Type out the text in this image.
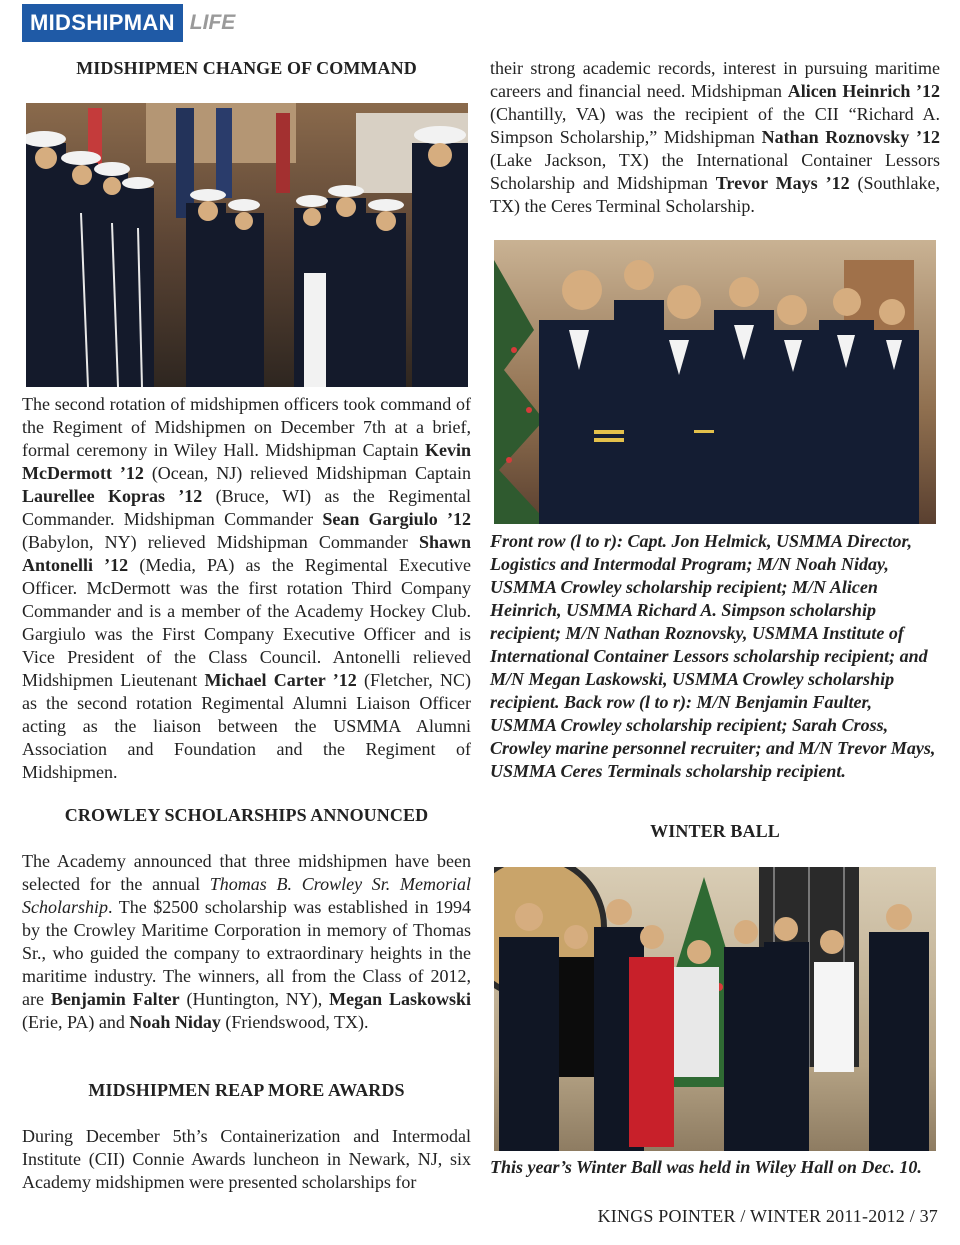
MIDSHIPMAN LIFE
MIDSHIPMEN CHANGE OF COMMAND

The second rotation of midshipmen officers took command of the Regiment of Midshipmen on December 7th at a brief, formal ceremony in Wiley Hall. Midshipman Captain Kevin McDermott ’12 (Ocean, NJ) relieved Midshipman Captain Laurellee Kopras ’12 (Bruce, WI) as the Regimental Commander. Midshipman Commander Sean Gargiulo ’12 (Babylon, NY) relieved Midshipman Commander Shawn Antonelli ’12 (Media, PA) as the Regimental Executive Officer. McDermott was the first rotation Third Company Commander and is a member of the Academy Hockey Club. Gargiulo was the First Company Executive Officer and is Vice President of the Class Council. Antonelli relieved Midshipmen Lieutenant Michael Carter ’12 (Fletcher, NC) as the second rotation Regimental Alumni Liaison Officer acting as the liaison between the USMMA Alumni Association and Foundation and the Regiment of Midshipmen.

CROWLEY SCHOLARSHIPS ANNOUNCED

The Academy announced that three midshipmen have been selected for the annual Thomas B. Crowley Sr. Memorial Scholarship. The $2500 scholarship was established in 1994 by the Crowley Maritime Corporation in memory of Thomas Sr., who guided the company to extraordinary heights in the maritime industry. The winners, all from the Class of 2012, are Benjamin Falter (Huntington, NY), Megan Laskowski (Erie, PA) and Noah Niday (Friendswood, TX).

MIDSHIPMEN REAP MORE AWARDS

During December 5th’s Containerization and Intermodal Institute (CII) Connie Awards luncheon in Newark, NJ, six Academy midshipmen were presented scholarships for

their strong academic records, interest in pursuing maritime careers and financial need. Midshipman Alicen Heinrich ’12 (Chantilly, VA) was the recipient of the CII “Richard A. Simpson Scholarship,” Midshipman Nathan Roznovsky ’12 (Lake Jackson, TX) the International Container Lessors Scholarship and Midshipman Trevor Mays ’12 (Southlake, TX) the Ceres Terminal Scholarship.

Front row (l to r): Capt. Jon Helmick, USMMA Director, Logistics and Intermodal Program; M/N Noah Niday, USMMA Crowley scholarship recipient; M/N Alicen Heinrich, USMMA Richard A. Simpson scholarship recipient; M/N Nathan Roznovsky, USMMA Institute of International Container Lessors scholarship recipient; and M/N Megan Laskowski, USMMA Crowley scholarship recipient. Back row (l to r): M/N Benjamin Faulter, USMMA Crowley scholarship recipient; Sarah Cross, Crowley marine personnel recruiter; and M/N Trevor Mays, USMMA Ceres Terminals scholarship recipient.

WINTER BALL

This year’s Winter Ball was held in Wiley Hall on Dec. 10.

KINGS POINTER / WINTER 2011-2012 / 37
